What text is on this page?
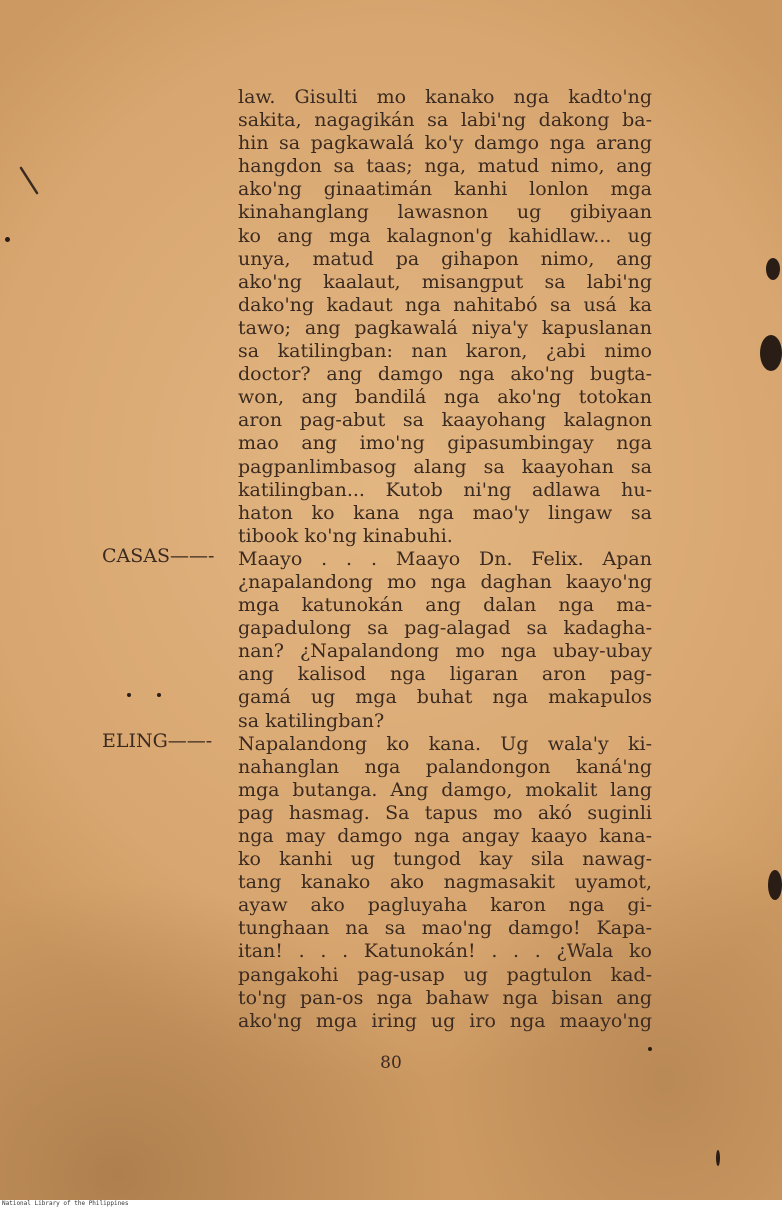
law. Gisulti mo kanako nga kadto'ng
sakita, nagagikán sa labi'ng dakong ba-
hin sa pagkawalá ko'y damgo nga arang
hangdon sa taas; nga, matud nimo, ang
ako'ng ginaatimán kanhi lonlon mga
kinahanglang lawasnon ug gibiyaan
ko ang mga kalagnon'g kahidlaw... ug
unya, matud pa gihapon nimo, ang
ako'ng kaalaut, misangput sa labi'ng
dako'ng kadaut nga nahitabó sa usá ka
tawo; ang pagkawalá niya'y kapuslanan
sa katilingban: nan karon, ¿abi nimo
doctor? ang damgo nga ako'ng bugta-
won, ang bandilá nga ako'ng totokan
aron pag-abut sa kaayohang kalagnon
mao ang imo'ng gipasumbingay nga
pagpanlimbasog alang sa kaayohan sa
katilingban... Kutob ni'ng adlawa hu-
haton ko kana nga mao'y lingaw sa
tibook ko'ng kinabuhi.
Maayo . . . Maayo Dn. Felix. Apan
¿napalandong mo nga daghan kaayo'ng
mga katunokán ang dalan nga ma-
gapadulong sa pag-alagad sa kadagha-
nan? ¿Napalandong mo nga ubay-ubay
ang kalisod nga ligaran aron pag-
gamá ug mga buhat nga makapulos
sa katilingban?
Napalandong ko kana. Ug wala'y ki-
nahanglan nga palandongon kaná'ng
mga butanga. Ang damgo, mokalit lang
pag hasmag. Sa tapus mo akó suginli
nga may damgo nga angay kaayo kana-
ko kanhi ug tungod kay sila nawag-
tang kanako ako nagmasakit uyamot,
ayaw ako pagluyaha karon nga gi-
tunghaan na sa mao'ng damgo! Kapa-
itan! . . . Katunokán! . . . ¿Wala ko
pangakohi pag-usap ug pagtulon kad-
to'ng pan-os nga bahaw nga bisan ang
ako'ng mga iring ug iro nga maayo'ng
CASAS——-
ELING——-
80
National Library of the Philippines
